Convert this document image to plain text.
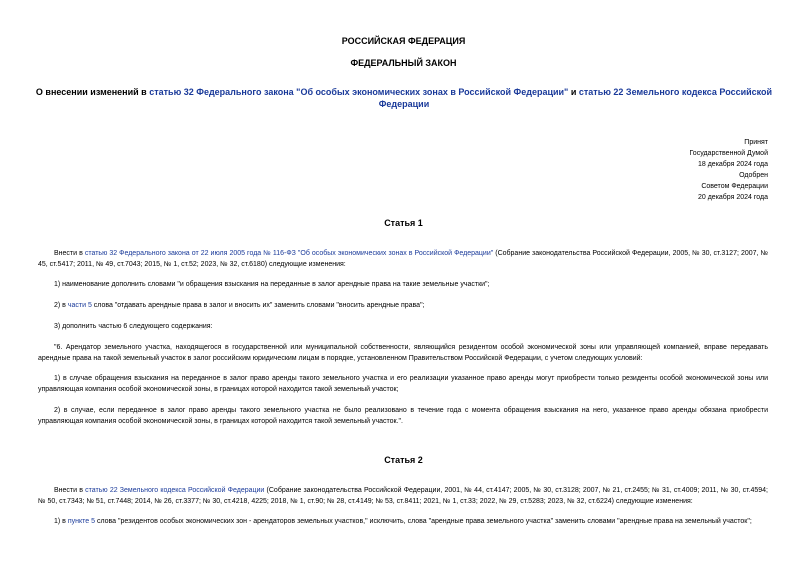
РОССИЙСКАЯ ФЕДЕРАЦИЯ
ФЕДЕРАЛЬНЫЙ ЗАКОН
О внесении изменений в статью 32 Федерального закона "Об особых экономических зонах в Российской Федерации" и статью 22 Земельного кодекса Российской Федерации
Принят
Государственной Думой
18 декабря 2024 года
Одобрен
Советом Федерации
20 декабря 2024 года
Статья 1
Внести в статью 32 Федерального закона от 22 июля 2005 года № 116-ФЗ "Об особых экономических зонах в Российской Федерации" (Собрание законодательства Российской Федерации, 2005, № 30, ст.3127; 2007, № 45, ст.5417; 2011, № 49, ст.7043; 2015, № 1, ст.52; 2023, № 32, ст.6180) следующие изменения:
1) наименование дополнить словами "и обращения взыскания на переданные в залог арендные права на такие земельные участки";
2) в части 5 слова "отдавать арендные права в залог и вносить их" заменить словами "вносить арендные права";
3) дополнить частью 6 следующего содержания:
"6. Арендатор земельного участка, находящегося в государственной или муниципальной собственности, являющийся резидентом особой экономической зоны или управляющей компанией, вправе передавать арендные права на такой земельный участок в залог российским юридическим лицам в порядке, установленном Правительством Российской Федерации, с учетом следующих условий:
1) в случае обращения взыскания на переданное в залог право аренды такого земельного участка и его реализации указанное право аренды могут приобрести только резиденты особой экономической зоны или управляющая компания особой экономической зоны, в границах которой находится такой земельный участок;
2) в случае, если переданное в залог право аренды такого земельного участка не было реализовано в течение года с момента обращения взыскания на него, указанное право аренды обязана приобрести управляющая компания особой экономической зоны, в границах которой находится такой земельный участок.".
Статья 2
Внести в статью 22 Земельного кодекса Российской Федерации (Собрание законодательства Российской Федерации, 2001, № 44, ст.4147; 2005, № 30, ст.3128; 2007, № 21, ст.2455; № 31, ст.4009; 2011, № 30, ст.4594; № 50, ст.7343; № 51, ст.7448; 2014, № 26, ст.3377; № 30, ст.4218, 4225; 2018, № 1, ст.90; № 28, ст.4149; № 53, ст.8411; 2021, № 1, ст.33; 2022, № 29, ст.5283; 2023, № 32, ст.6224) следующие изменения:
1) в пункте 5 слова "резидентов особых экономических зон - арендаторов земельных участков," исключить, слова "арендные права земельного участка" заменить словами "арендные права на земельный участок";
